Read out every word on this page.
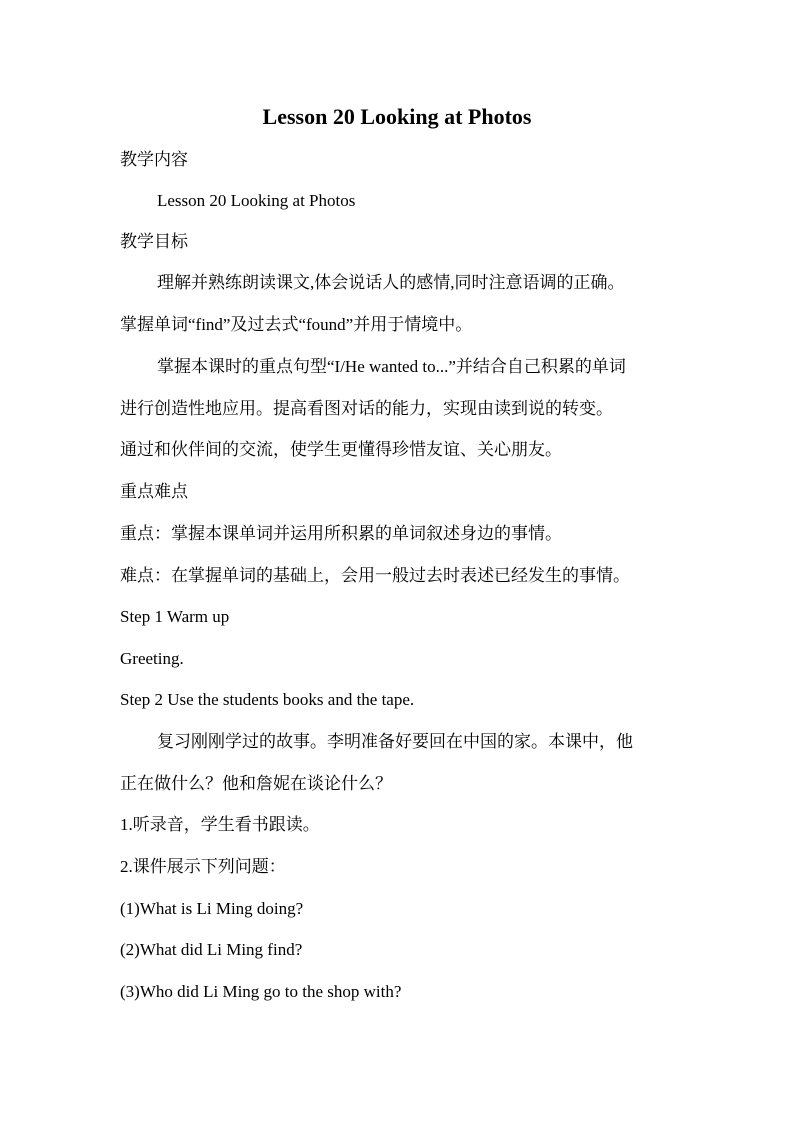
Lesson 20 Looking at Photos
教学内容
Lesson 20 Looking at Photos
教学目标
理解并熟练朗读课文,体会说话人的感情,同时注意语调的正确。
掌握单词“find”及过去式“found”并用于情境中。
掌握本课时的重点句型“I/He wanted to...”并结合自己积累的单词
进行创造性地应用。提高看图对话的能力，实现由读到说的转变。
通过和伙伴间的交流，使学生更懂得珍惜友谊、关心朋友。
重点难点
重点：掌握本课单词并运用所积累的单词叙述身边的事情。
难点：在掌握单词的基础上，会用一般过去时表述已经发生的事情。
Step 1 Warm up
Greeting.
Step 2 Use the students books and the tape.
复习刚刚学过的故事。李明准备好要回在中国的家。本课中，他
正在做什么？他和詹妮在谈论什么？
1.听录音，学生看书跟读。
2.课件展示下列问题：
(1)What is Li Ming doing?
(2)What did Li Ming find?
(3)Who did Li Ming go to the shop with?
